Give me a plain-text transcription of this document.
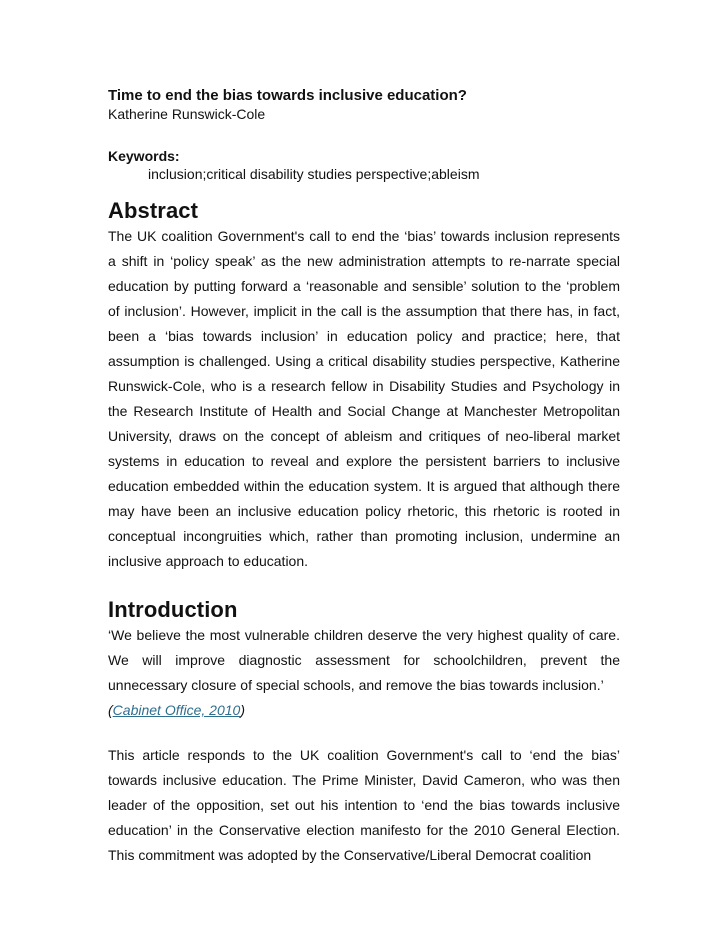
Time to end the bias towards inclusive education?

Katherine Runswick-Cole

Keywords:

inclusion;critical disability studies perspective;ableism

Abstract

The UK coalition Government's call to end the ‘bias’ towards inclusion represents a shift in ‘policy speak’ as the new administration attempts to re-narrate special education by putting forward a ‘reasonable and sensible’ solution to the ‘problem of inclusion’. However, implicit in the call is the assumption that there has, in fact, been a ‘bias towards inclusion’ in education policy and practice; here, that assumption is challenged. Using a critical disability studies perspective, Katherine Runswick-Cole, who is a research fellow in Disability Studies and Psychology in the Research Institute of Health and Social Change at Manchester Metropolitan University, draws on the concept of ableism and critiques of neo-liberal market systems in education to reveal and explore the persistent barriers to inclusive education embedded within the education system. It is argued that although there may have been an inclusive education policy rhetoric, this rhetoric is rooted in conceptual incongruities which, rather than promoting inclusion, undermine an inclusive approach to education.

Introduction

‘We believe the most vulnerable children deserve the very highest quality of care. We will improve diagnostic assessment for schoolchildren, prevent the unnecessary closure of special schools, and remove the bias towards inclusion.’

(Cabinet Office, 2010)

This article responds to the UK coalition Government's call to ‘end the bias’ towards inclusive education. The Prime Minister, David Cameron, who was then leader of the opposition, set out his intention to ‘end the bias towards inclusive education’ in the Conservative election manifesto for the 2010 General Election. This commitment was adopted by the Conservative/Liberal Democrat coalition
